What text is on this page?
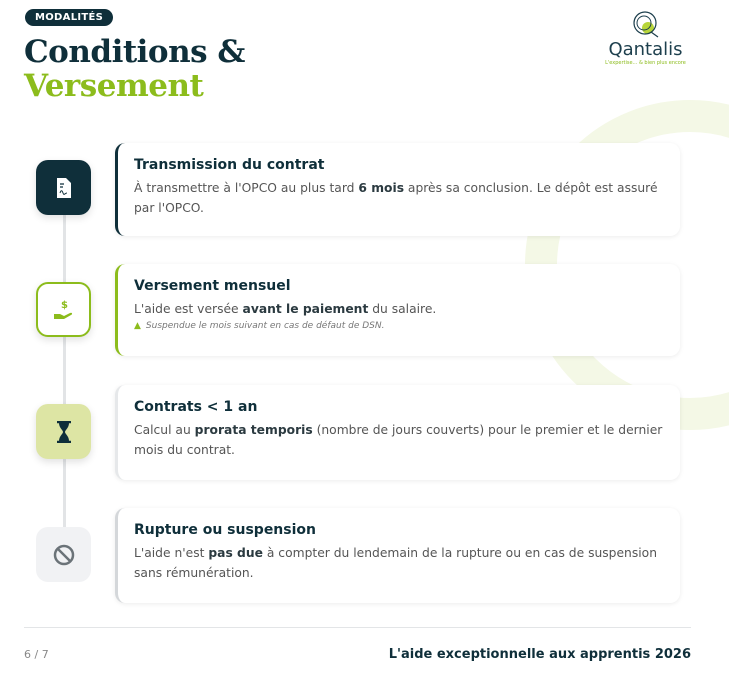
MODALITÉS
Conditions &
Versement
Qantalis
L'expertise... & bien plus encore
Transmission du contrat

À transmettre à l'OPCO au plus tard 6 mois après sa conclusion. Le dépôt est assuré par l'OPCO.

$
Versement mensuel

L'aide est versée avant le paiement du salaire.

▲ Suspendue le mois suivant en cas de défaut de DSN.
Contrats < 1 an

Calcul au prorata temporis (nombre de jours couverts) pour le premier et le dernier mois du contrat.

Rupture ou suspension

L'aide n'est pas due à compter du lendemain de la rupture ou en cas de suspension sans rémunération.

6 / 7	L'aide exceptionnelle aux apprentis 2026
